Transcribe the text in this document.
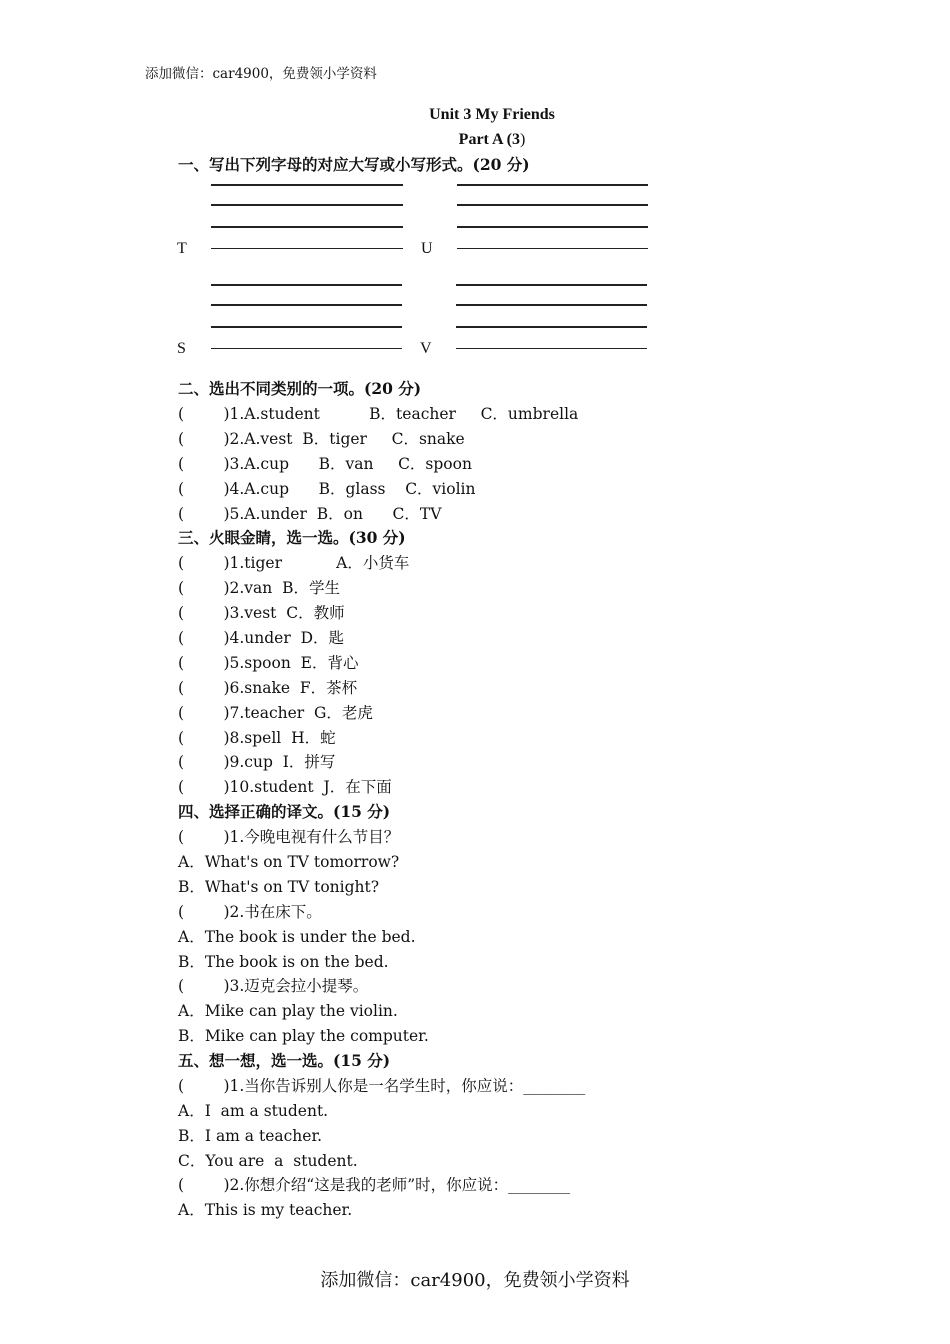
添加微信：car4900，免费领小学资料
Unit 3 My Friends
Part A (3)
一、写出下列字母的对应大写或小写形式。(20 分)
T	U
S	V
二、选出不同类别的一项。(20 分)
(        )1.A.student          B．teacher     C．umbrella
(        )2.A.vest  B．tiger     C．snake
(        )3.A.cup      B．van     C．spoon
(        )4.A.cup      B．glass    C．violin
(        )5.A.under  B．on      C．TV
三、火眼金睛，选一选。(30 分)
(        )1.tiger           A．小货车
(        )2.van  B．学生
(        )3.vest  C．教师
(        )4.under  D．匙
(        )5.spoon  E．背心
(        )6.snake  F．茶杯
(        )7.teacher  G．老虎
(        )8.spell  H．蛇
(        )9.cup  I．拼写
(        )10.student  J．在下面
四、选择正确的译文。(15 分)
(        )1.今晚电视有什么节目？
A．What's on TV tomorrow?
B．What's on TV tonight?
(        )2.书在床下。
A．The book is under the bed.
B．The book is on the bed.
(        )3.迈克会拉小提琴。
A．Mike can play the violin.
B．Mike can play the computer.
五、想一想，选一选。(15 分)
(        )1.当你告诉别人你是一名学生时，你应说：________
A．I  am a student.
B．I am a teacher.
C．You are  a  student.
(        )2.你想介绍“这是我的老师”时，你应说：________
A．This is my teacher.
添加微信：car4900，免费领小学资料
